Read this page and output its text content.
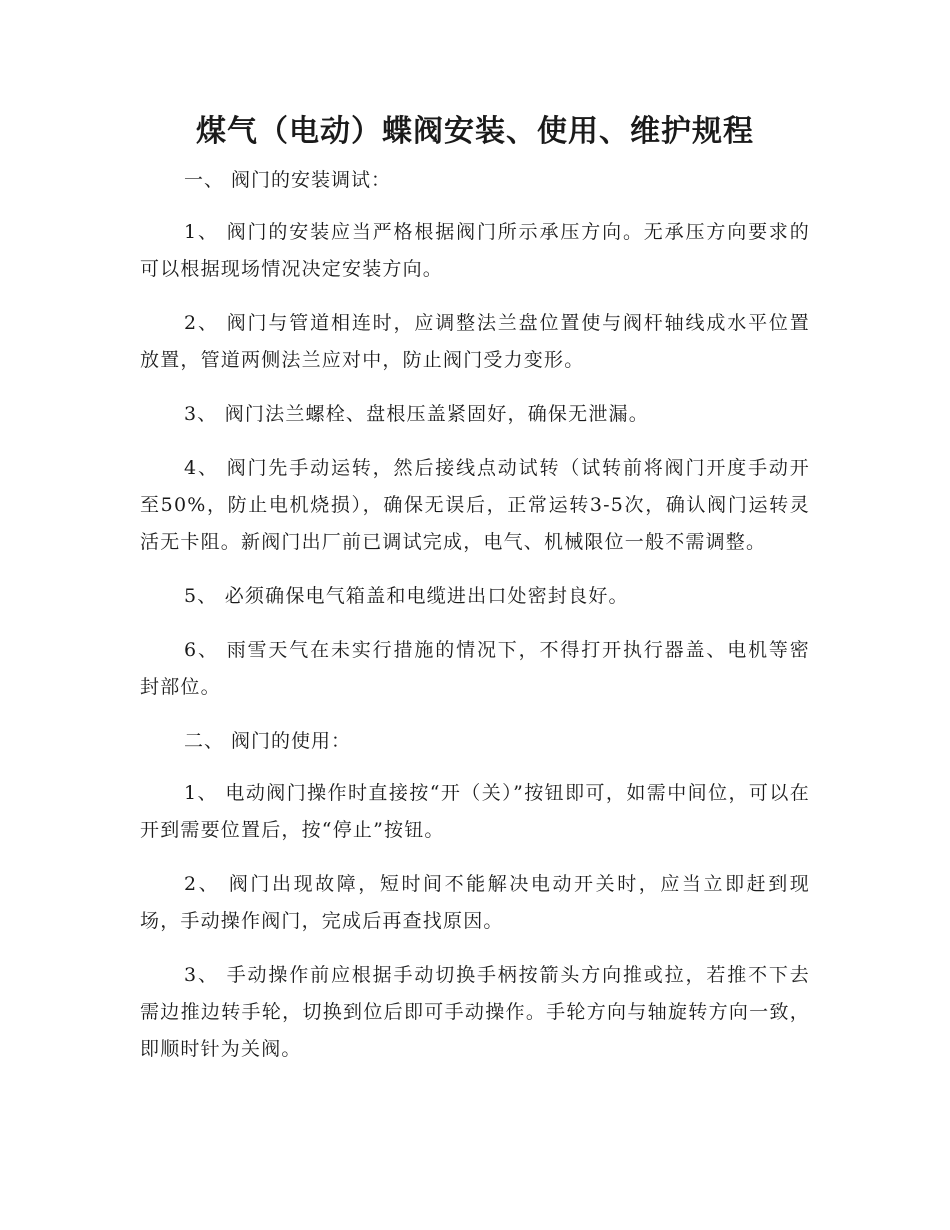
煤气（电动）蝶阀安装、使用、维护规程

一、 阀门的安装调试：

1、 阀门的安装应当严格根据阀门所示承压方向。无承压方向要求的可以根据现场情况决定安装方向。

2、 阀门与管道相连时，应调整法兰盘位置使与阀杆轴线成水平位置放置，管道两侧法兰应对中，防止阀门受力变形。

3、 阀门法兰螺栓、盘根压盖紧固好，确保无泄漏。

4、 阀门先手动运转，然后接线点动试转（试转前将阀门开度手动开至50%，防止电机烧损），确保无误后，正常运转3-5次，确认阀门运转灵活无卡阻。新阀门出厂前已调试完成，电气、机械限位一般不需调整。

5、 必须确保电气箱盖和电缆进出口处密封良好。

6、 雨雪天气在未实行措施的情况下，不得打开执行器盖、电机等密封部位。

二、 阀门的使用：

1、 电动阀门操作时直接按“开（关）”按钮即可，如需中间位，可以在开到需要位置后，按“停止”按钮。

2、 阀门出现故障，短时间不能解决电动开关时，应当立即赶到现场，手动操作阀门，完成后再查找原因。

3、 手动操作前应根据手动切换手柄按箭头方向推或拉，若推不下去需边推边转手轮，切换到位后即可手动操作。手轮方向与轴旋转方向一致，即顺时针为关阀。
